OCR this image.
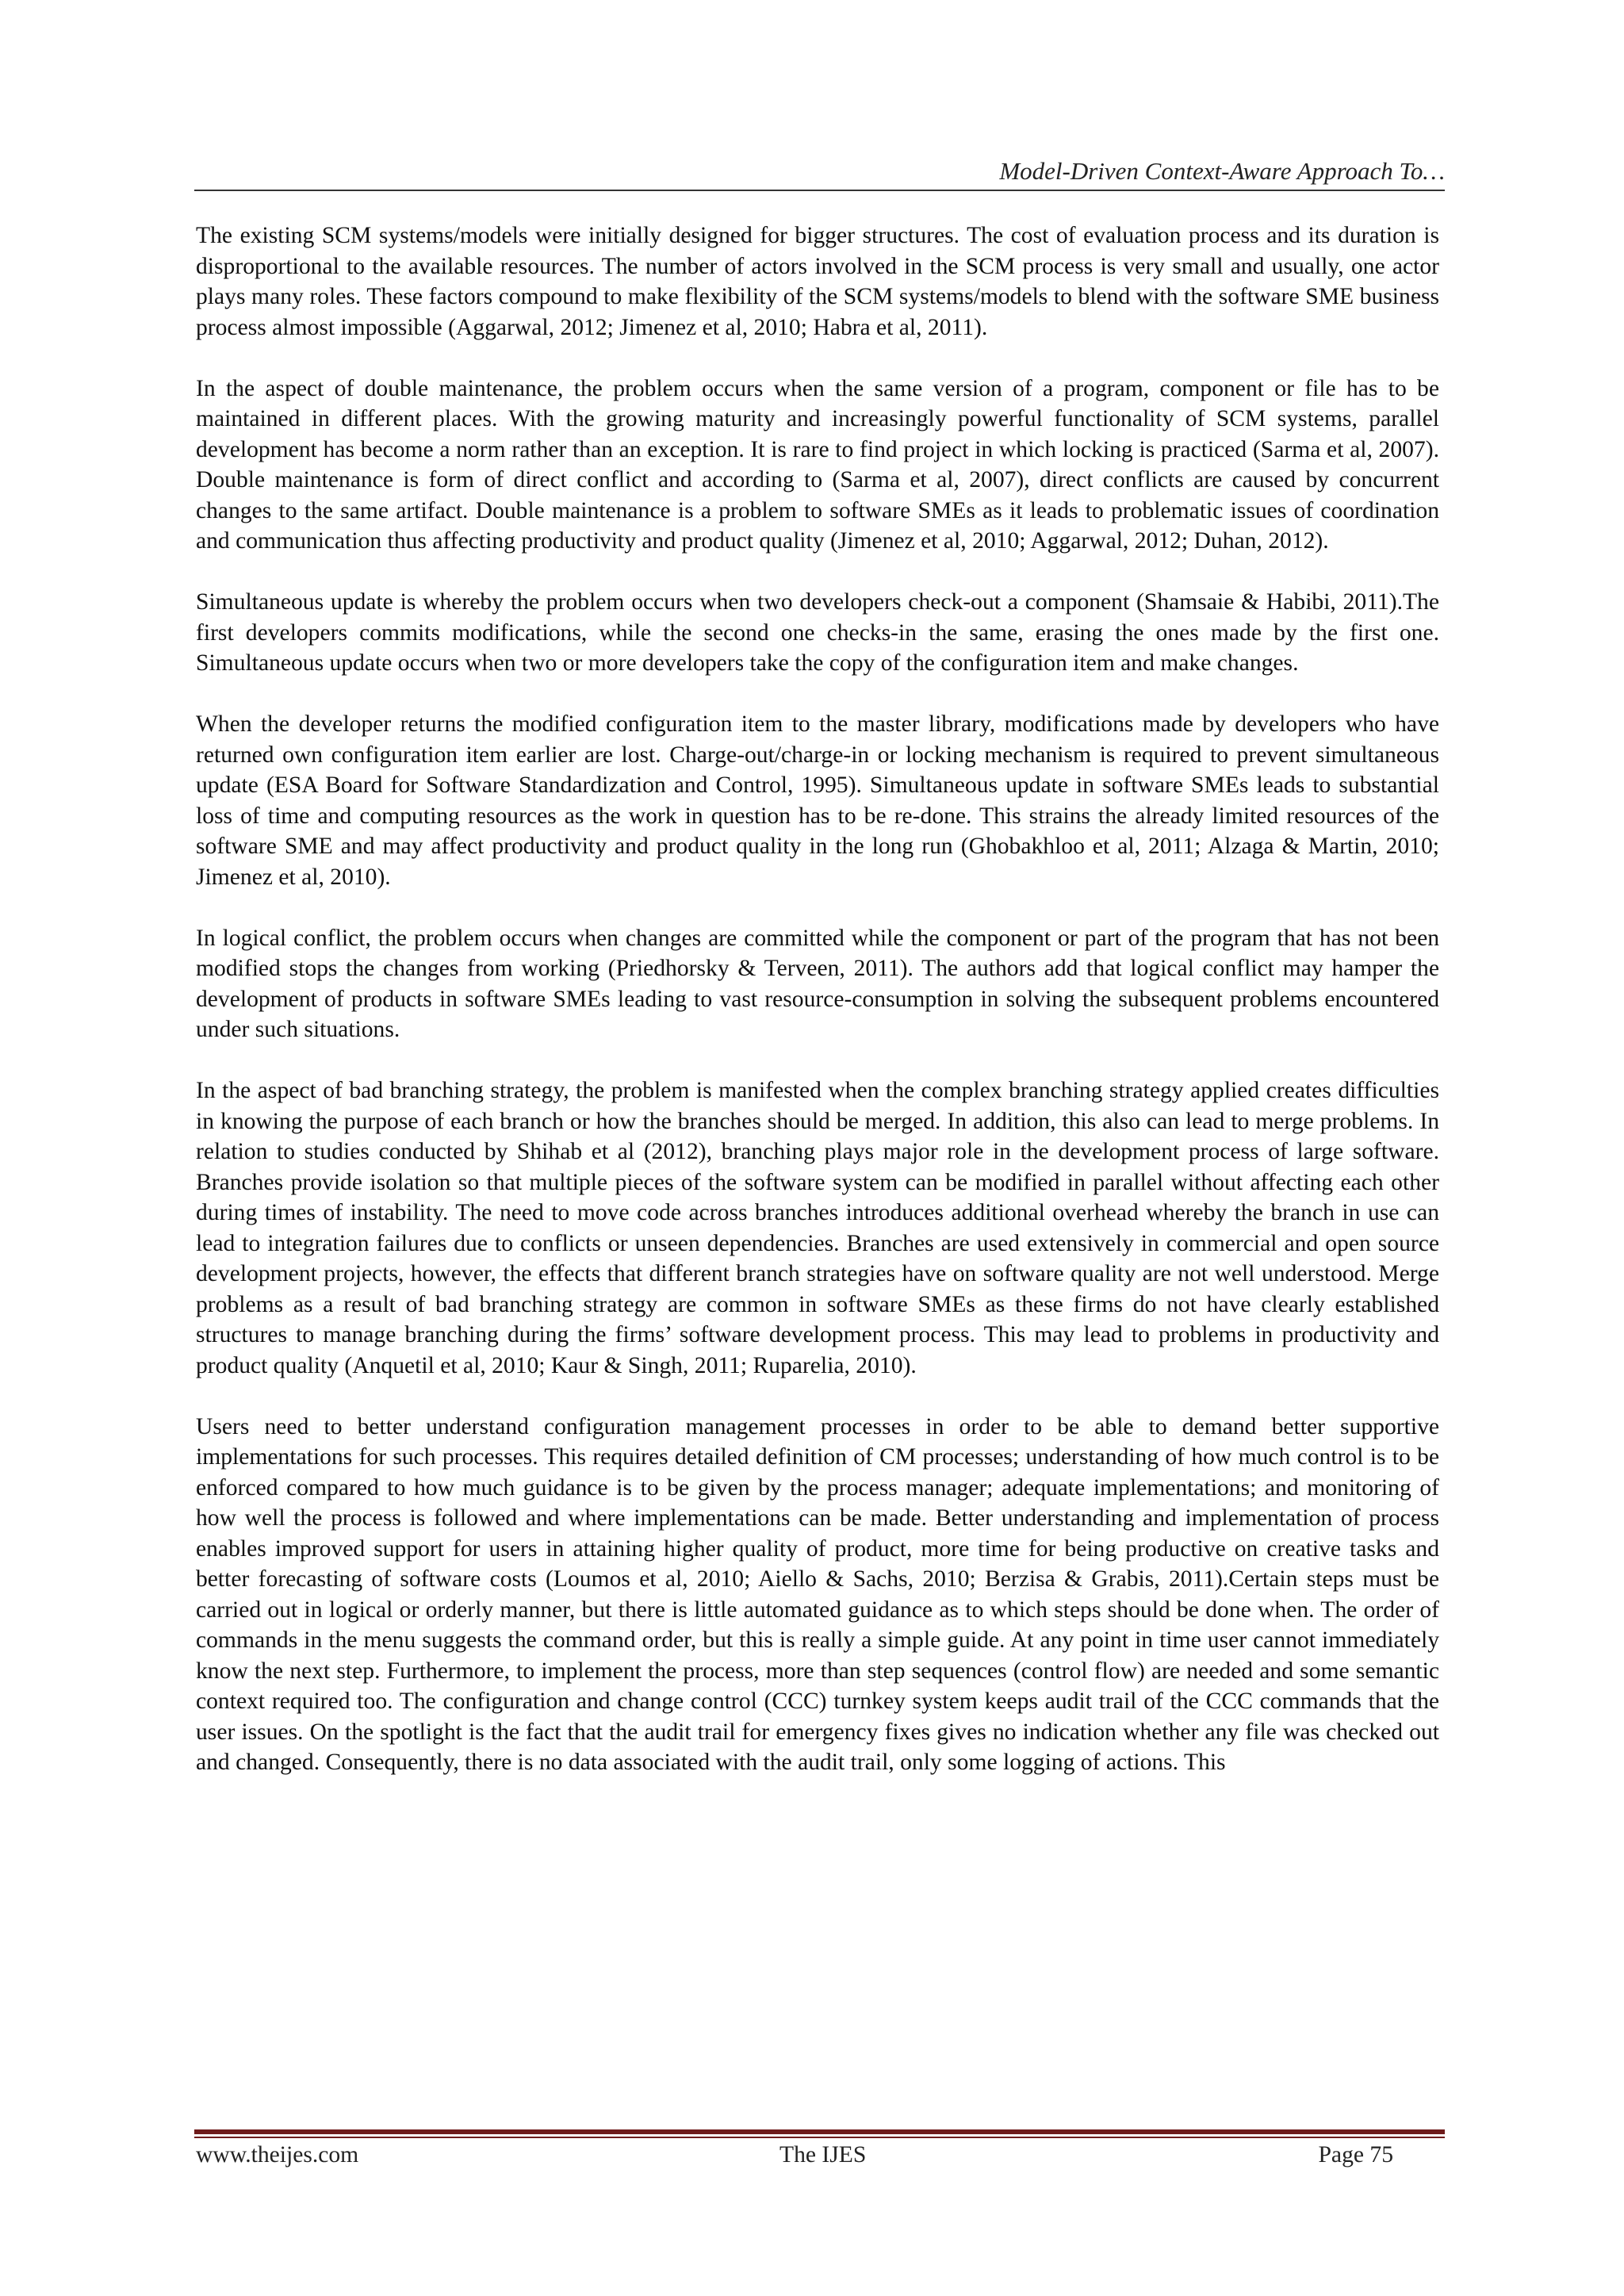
Model-Driven Context-Aware Approach To…

The existing SCM systems/models were initially designed for bigger structures. The cost of evaluation process and its duration is disproportional to the available resources. The number of actors involved in the SCM process is very small and usually, one actor plays many roles. These factors compound to make flexibility of the SCM systems/models to blend with the software SME business process almost impossible (Aggarwal, 2012; Jimenez et al, 2010; Habra et al, 2011).

In the aspect of double maintenance, the problem occurs when the same version of a program, component or file has to be maintained in different places. With the growing maturity and increasingly powerful functionality of SCM systems, parallel development has become a norm rather than an exception. It is rare to find project in which locking is practiced (Sarma et al, 2007). Double maintenance is form of direct conflict and according to (Sarma et al, 2007), direct conflicts are caused by concurrent changes to the same artifact. Double maintenance is a problem to software SMEs as it leads to problematic issues of coordination and communication thus affecting productivity and product quality (Jimenez et al, 2010; Aggarwal, 2012; Duhan, 2012).

Simultaneous update is whereby the problem occurs when two developers check-out a component (Shamsaie & Habibi, 2011).The first developers commits modifications, while the second one checks-in the same, erasing the ones made by the first one. Simultaneous update occurs when two or more developers take the copy of the configuration item and make changes.

When the developer returns the modified configuration item to the master library, modifications made by developers who have returned own configuration item earlier are lost. Charge-out/charge-in or locking mechanism is required to prevent simultaneous update (ESA Board for Software Standardization and Control, 1995). Simultaneous update in software SMEs leads to substantial loss of time and computing resources as the work in question has to be re-done. This strains the already limited resources of the software SME and may affect productivity and product quality in the long run (Ghobakhloo et al, 2011; Alzaga & Martin, 2010; Jimenez et al, 2010).

In logical conflict, the problem occurs when changes are committed while the component or part of the program that has not been modified stops the changes from working (Priedhorsky & Terveen, 2011). The authors add that logical conflict may hamper the development of products in software SMEs leading to vast resource-consumption in solving the subsequent problems encountered under such situations.

In the aspect of bad branching strategy, the problem is manifested when the complex branching strategy applied creates difficulties in knowing the purpose of each branch or how the branches should be merged. In addition, this also can lead to merge problems. In relation to studies conducted by Shihab et al (2012), branching plays major role in the development process of large software. Branches provide isolation so that multiple pieces of the software system can be modified in parallel without affecting each other during times of instability. The need to move code across branches introduces additional overhead whereby the branch in use can lead to integration failures due to conflicts or unseen dependencies. Branches are used extensively in commercial and open source development projects, however, the effects that different branch strategies have on software quality are not well understood. Merge problems as a result of bad branching strategy are common in software SMEs as these firms do not have clearly established structures to manage branching during the firms’ software development process. This may lead to problems in productivity and product quality (Anquetil et al, 2010; Kaur & Singh, 2011; Ruparelia, 2010).

Users need to better understand configuration management processes in order to be able to demand better supportive implementations for such processes. This requires detailed definition of CM processes; understanding of how much control is to be enforced compared to how much guidance is to be given by the process manager; adequate implementations; and monitoring of how well the process is followed and where implementations can be made. Better understanding and implementation of process enables improved support for users in attaining higher quality of product, more time for being productive on creative tasks and better forecasting of software costs (Loumos et al, 2010; Aiello & Sachs, 2010; Berzisa & Grabis, 2011).Certain steps must be carried out in logical or orderly manner, but there is little automated guidance as to which steps should be done when. The order of commands in the menu suggests the command order, but this is really a simple guide. At any point in time user cannot immediately know the next step. Furthermore, to implement the process, more than step sequences (control flow) are needed and some semantic context required too. The configuration and change control (CCC) turnkey system keeps audit trail of the CCC commands that the user issues. On the spotlight is the fact that the audit trail for emergency fixes gives no indication whether any file was checked out and changed. Consequently, there is no data associated with the audit trail, only some logging of actions. This

www.theijes.com	The IJES	Page 75
